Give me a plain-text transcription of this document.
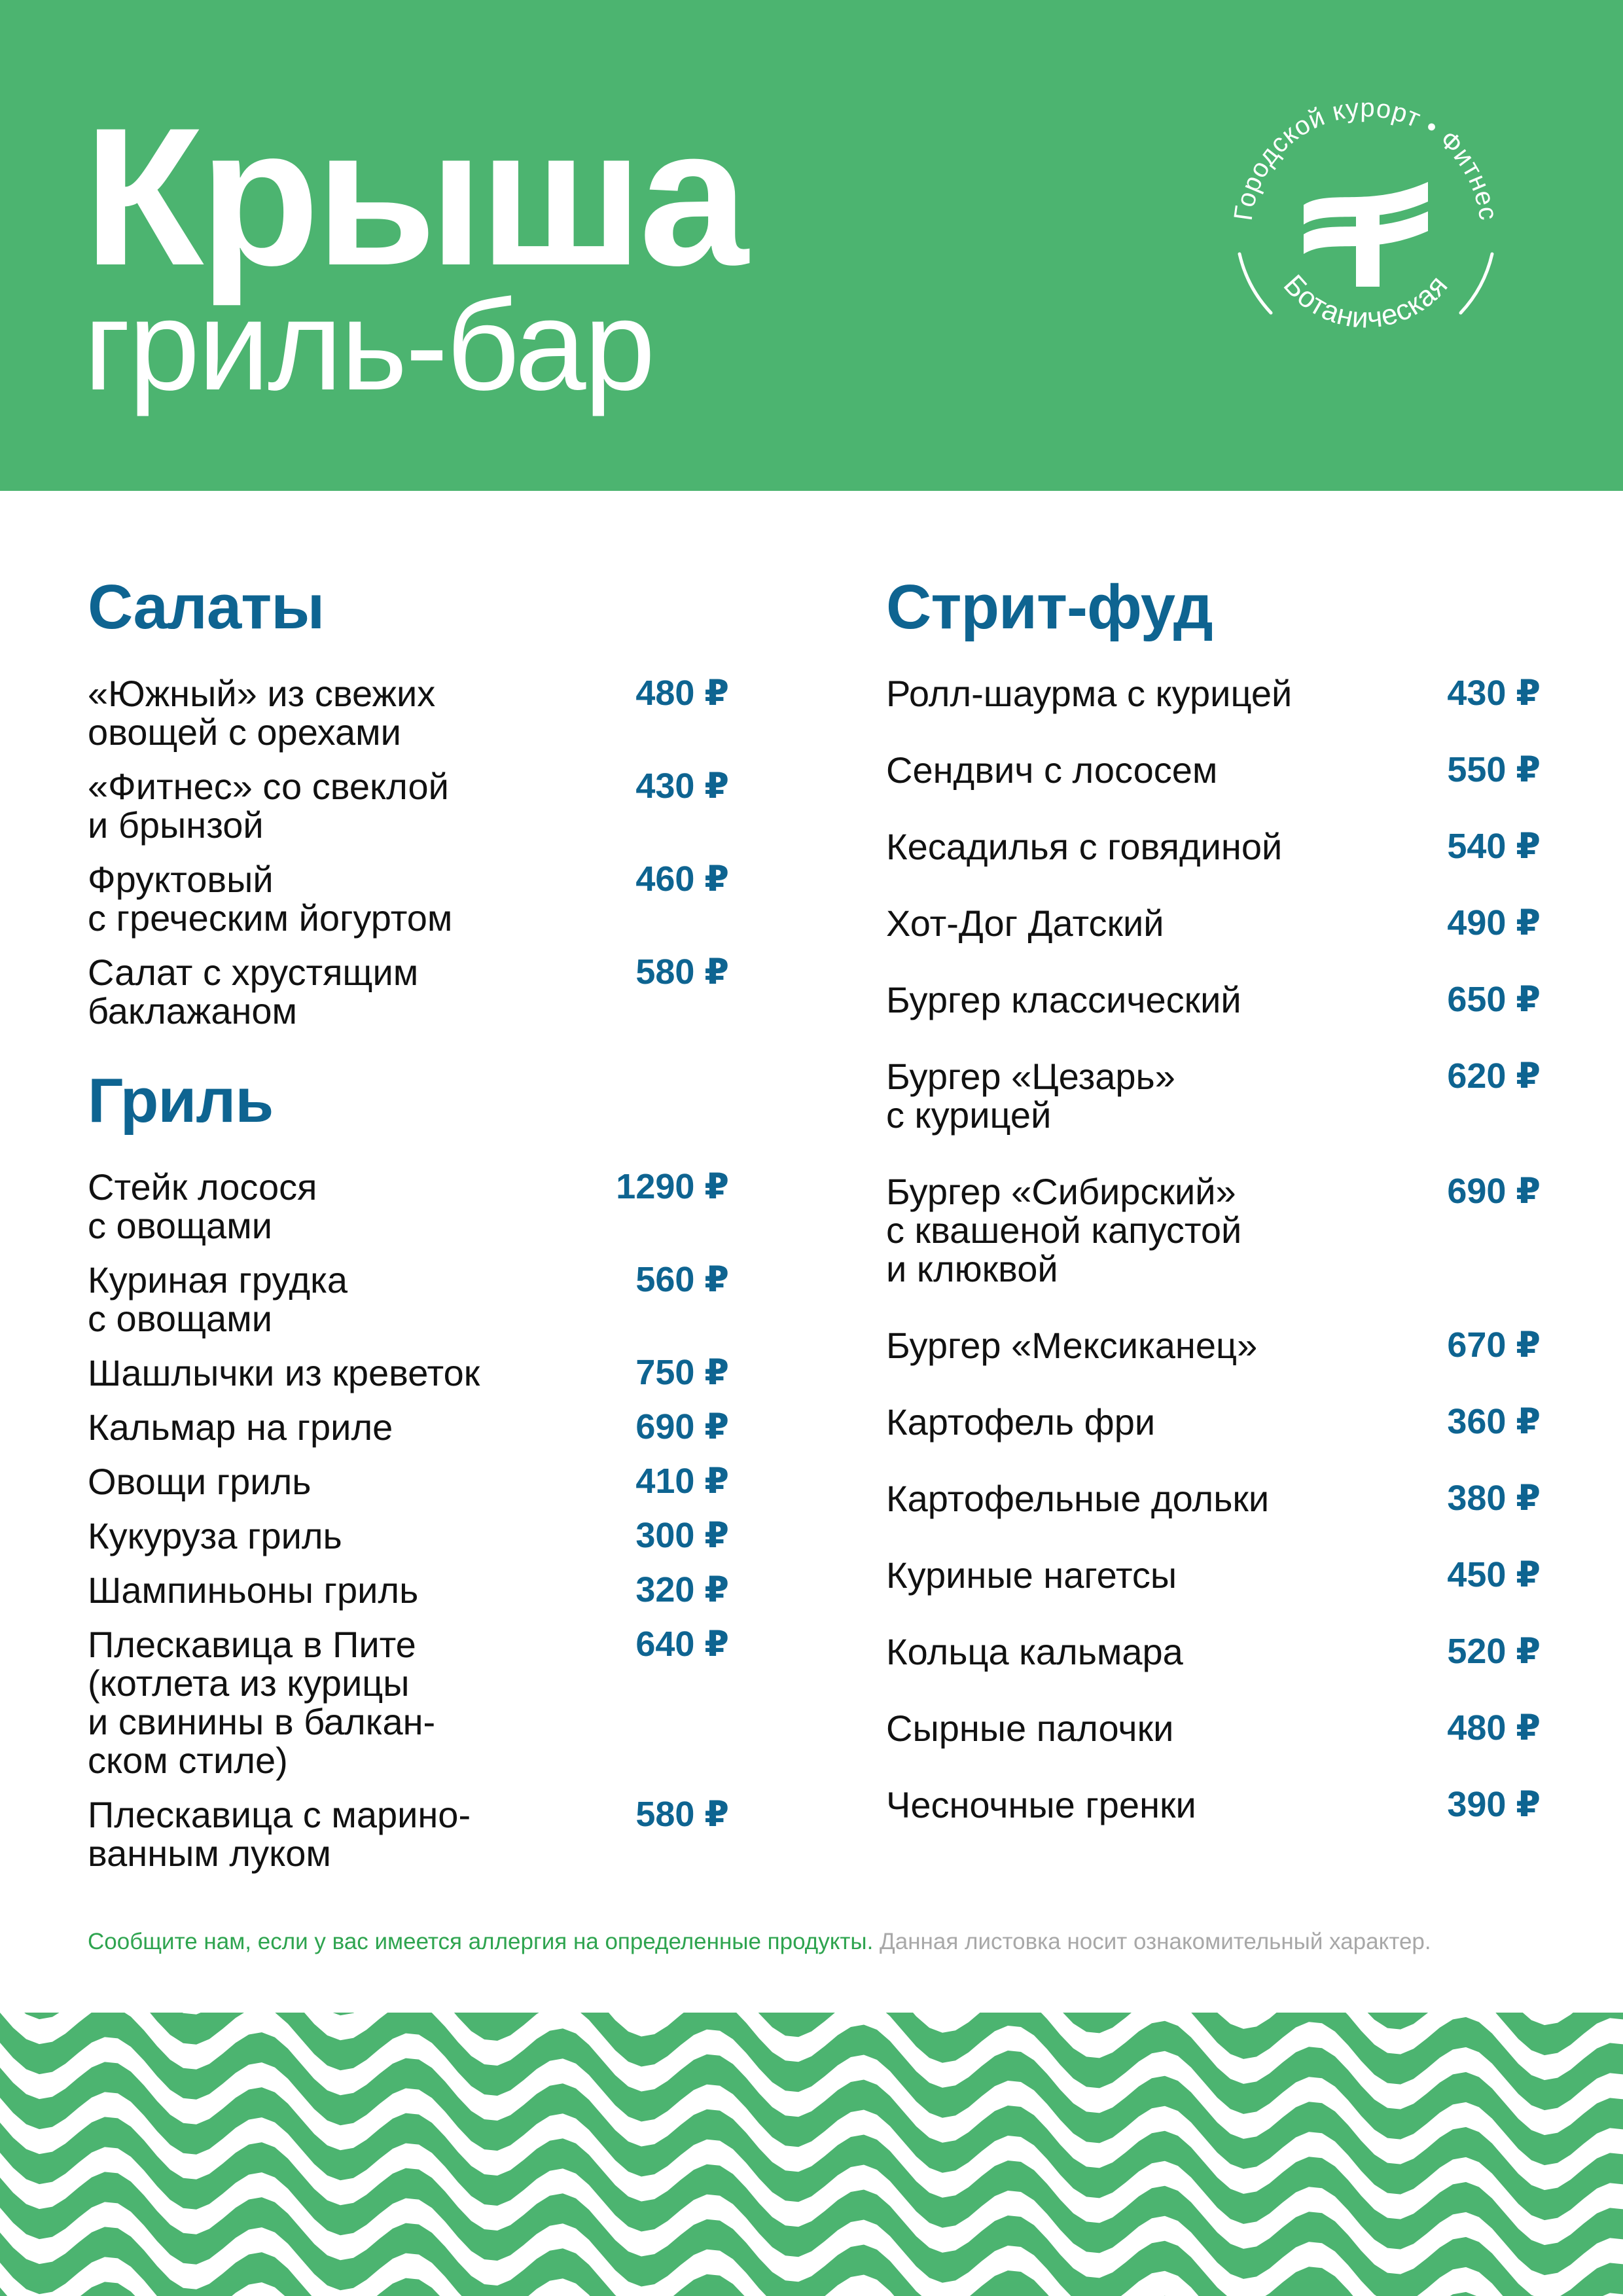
Крыша
гриль-бар
Городской курорт • Фитнес
Ботаническая
Салаты
«Южный» из свежих
овощей с орехами
480 ₽
«Фитнес» со свеклой
и брынзой
430 ₽
Фруктовый
с греческим йогуртом
460 ₽
Салат с хрустящим
баклажаном
580 ₽
Гриль
Стейк лосося
с овощами
1290 ₽
Куриная грудка
с овощами
560 ₽
Шашлычки из креветок	750 ₽
Кальмар на гриле	690 ₽
Овощи гриль	410 ₽
Кукуруза гриль	300 ₽
Шампиньоны гриль	320 ₽
Плескавица в Пите
(котлета из курицы
и свинины в балкан-
ском стиле)
640 ₽
Плескавица с марино-
ванным луком
580 ₽
Стрит-фуд
Ролл-шаурма с курицей	430 ₽
Сендвич с лососем	550 ₽
Кесадилья с говядиной	540 ₽
Хот-Дог Датский	490 ₽
Бургер классический	650 ₽
Бургер «Цезарь»
с курицей
620 ₽
Бургер «Сибирский»
с квашеной капустой
и клюквой
690 ₽
Бургер «Мексиканец»	670 ₽
Картофель фри	360 ₽
Картофельные дольки	380 ₽
Куриные нагетсы	450 ₽
Кольца кальмара	520 ₽
Сырные палочки	480 ₽
Чесночные гренки	390 ₽
Сообщите нам, если у вас имеется аллергия на определенные продукты. Данная листовка носит ознакомительный характер.
